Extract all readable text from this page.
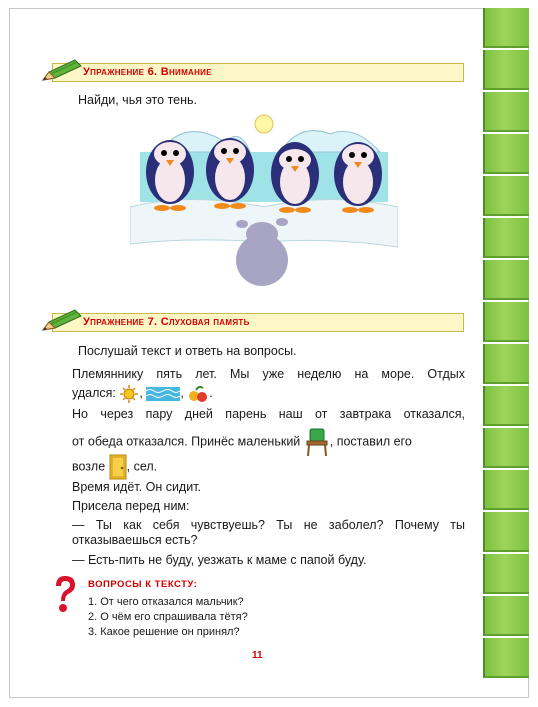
Упражнение 6. Внимание
Найди, чья это тень.
Упражнение 7. Слуховая память
Послушай текст и ответь на вопросы.
Племяннику пять лет. Мы уже неделю на море. Отдых
удался: ,	, .
Но через пару дней парень наш от завтрака отказался,
от обеда отказался. Принёс маленький , поставил его
возле , сел.
Время идёт. Он сидит.
Присела перед ним:
— Ты как себя чувствуешь? Ты не заболел? Почему ты
отказываешься есть?
— Есть-пить не буду, уезжать к маме с папой буду.
ВОПРОСЫ К ТЕКСТУ:
1. От чего отказался мальчик?
2. О чём его спрашивала тётя?
3. Какое решение он принял?
11
